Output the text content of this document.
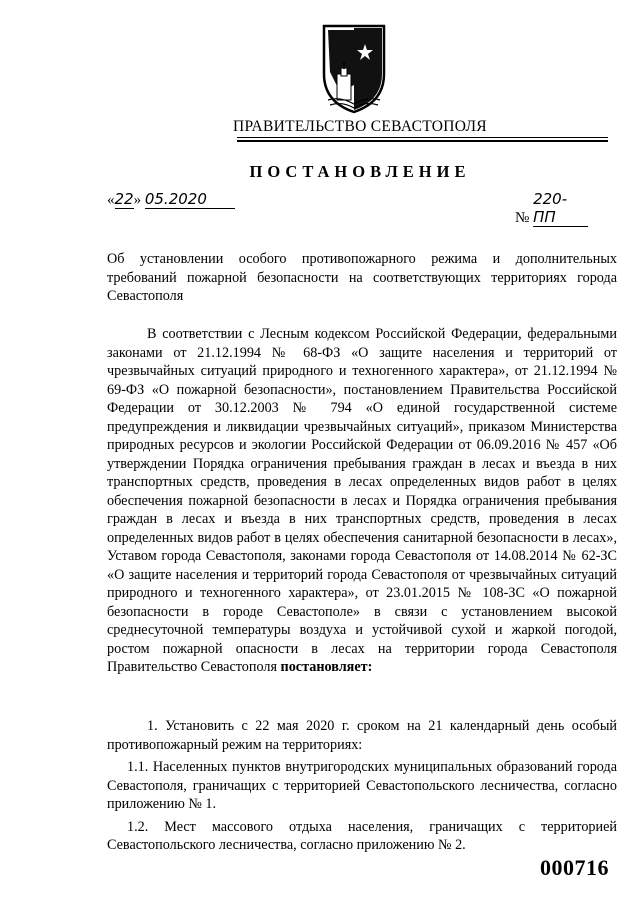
ПРАВИТЕЛЬСТВО СЕВАСТОПОЛЯ
ПОСТАНОВЛЕНИЕ
«22» 05.2020
№ 220-ПП
Об установлении особого противопожарного режима и дополнительных требований пожарной безопасности на соответствующих территориях города Севастополя

В соответствии с Лесным кодексом Российской Федерации, федеральными законами от 21.12.1994 № 68-ФЗ «О защите населения и территорий от чрезвычайных ситуаций природного и техногенного характера», от 21.12.1994 № 69-ФЗ «О пожарной безопасности», постановлением Правительства Российской Федерации от 30.12.2003 № 794 «О единой государственной системе предупреждения и ликвидации чрезвычайных ситуаций», приказом Министерства природных ресурсов и экологии Российской Федерации от 06.09.2016 № 457 «Об утверждении Порядка ограничения пребывания граждан в лесах и въезда в них транспортных средств, проведения в лесах определенных видов работ в целях обеспечения пожарной безопасности в лесах и Порядка ограничения пребывания граждан в лесах и въезда в них транспортных средств, проведения в лесах определенных видов работ в целях обеспечения санитарной безопасности в лесах», Уставом города Севастополя, законами города Севастополя от 14.08.2014 № 62-ЗС «О защите населения и территорий города Севастополя от чрезвычайных ситуаций природного и техногенного характера», от 23.01.2015 № 108-ЗС «О пожарной безопасности в городе Севастополе» в связи с установлением высокой среднесуточной температуры воздуха и устойчивой сухой и жаркой погодой, ростом пожарной опасности в лесах на территории города Севастополя Правительство Севастополя постановляет:

1. Установить с 22 мая 2020 г. сроком на 21 календарный день особый противопожарный режим на территориях:

1.1. Населенных пунктов внутригородских муниципальных образований города Севастополя, граничащих с территорией Севастопольского лесничества, согласно приложению № 1.

1.2. Мест массового отдыха населения, граничащих с территорией Севастопольского лесничества, согласно приложению № 2.

000716
